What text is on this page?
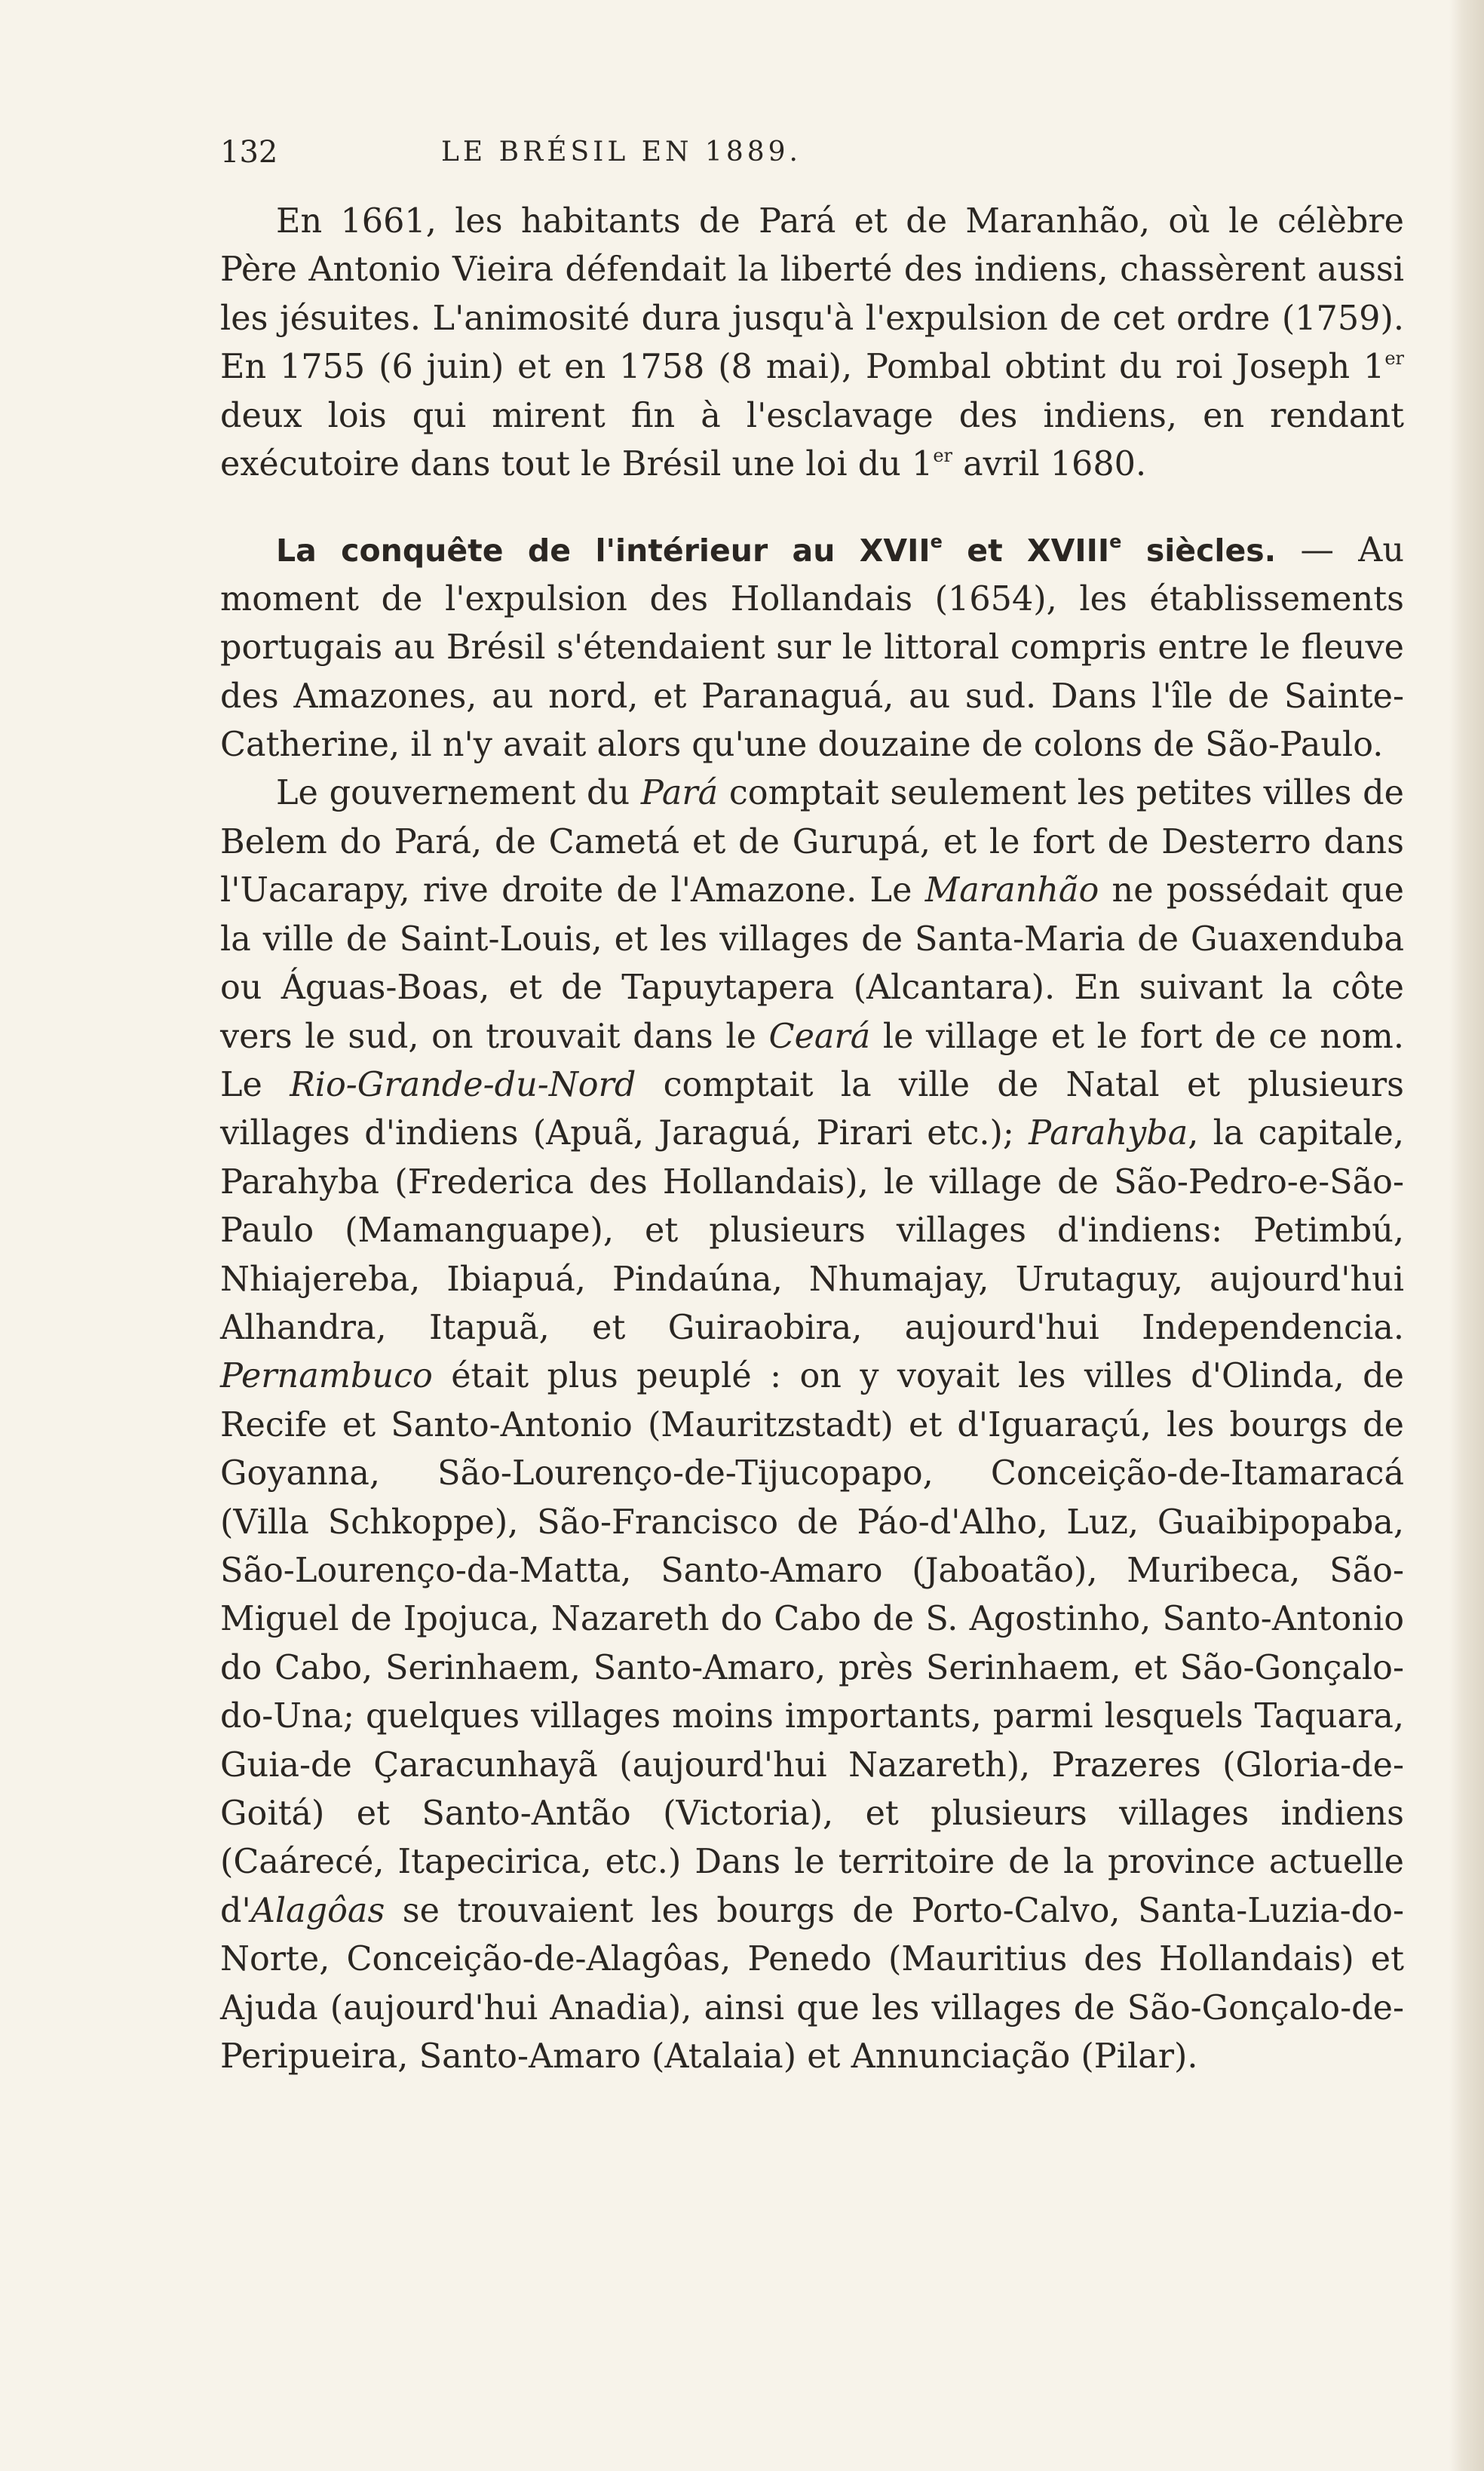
132	LE BRÉSIL EN 1889.

En 1661, les habitants de Pará et de Maranhão, où le célèbre Père Antonio Vieira défendait la liberté des indiens, chassèrent aussi les jésuites. L'animosité dura jusqu'à l'expulsion de cet ordre (1759). En 1755 (6 juin) et en 1758 (8 mai), Pombal obtint du roi Joseph 1er deux lois qui mirent fin à l'esclavage des indiens, en rendant exécutoire dans tout le Brésil une loi du 1er avril 1680.

La conquête de l'intérieur au XVIIe et XVIIIe siècles. — Au moment de l'expulsion des Hollandais (1654), les établissements portugais au Brésil s'étendaient sur le littoral compris entre le fleuve des Amazones, au nord, et Paranaguá, au sud. Dans l'île de Sainte-Catherine, il n'y avait alors qu'une douzaine de colons de São-Paulo.

Le gouvernement du Pará comptait seulement les petites villes de Belem do Pará, de Cametá et de Gurupá, et le fort de Desterro dans l'Uacarapy, rive droite de l'Amazone. Le Maranhão ne possédait que la ville de Saint-Louis, et les villages de Santa-Maria de Guaxenduba ou Águas-Boas, et de Tapuytapera (Alcantara). En suivant la côte vers le sud, on trouvait dans le Ceará le village et le fort de ce nom. Le Rio-Grande-du-Nord comptait la ville de Natal et plusieurs villages d'indiens (Apuã, Jaraguá, Pirari etc.); Parahyba, la capitale, Parahyba (Frederica des Hollandais), le village de São-Pedro-e-São-Paulo (Mamanguape), et plusieurs villages d'indiens: Petimbú, Nhiajereba, Ibiapuá, Pindaúna, Nhumajay, Urutaguy, aujourd'hui Alhandra, Itapuã, et Guiraobira, aujourd'hui Independencia. Pernambuco était plus peuplé : on y voyait les villes d'Olinda, de Recife et Santo-Antonio (Mauritzstadt) et d'Iguaraçú, les bourgs de Goyanna, São-Lourenço-de-Tijucopapo, Conceição-de-Itamaracá (Villa Schkoppe), São-Francisco de Páo-d'Alho, Luz, Guaibipopaba, São-Lourenço-da-Matta, Santo-Amaro (Jaboatão), Muribeca, São-Miguel de Ipojuca, Nazareth do Cabo de S. Agostinho, Santo-Antonio do Cabo, Serinhaem, Santo-Amaro, près Serinhaem, et São-Gonçalo-do-Una; quelques villages moins importants, parmi lesquels Taquara, Guia-de Çaracunhayã (aujourd'hui Nazareth), Prazeres (Gloria-de-Goitá) et Santo-Antão (Victoria), et plusieurs villages indiens (Caárecé, Itapecirica, etc.) Dans le territoire de la province actuelle d'Alagôas se trouvaient les bourgs de Porto-Calvo, Santa-Luzia-do-Norte, Conceição-de-Alagôas, Penedo (Mauritius des Hollandais) et Ajuda (aujourd'hui Anadia), ainsi que les villages de São-Gonçalo-de-Peripueira, Santo-Amaro (Atalaia) et Annunciação (Pilar).
